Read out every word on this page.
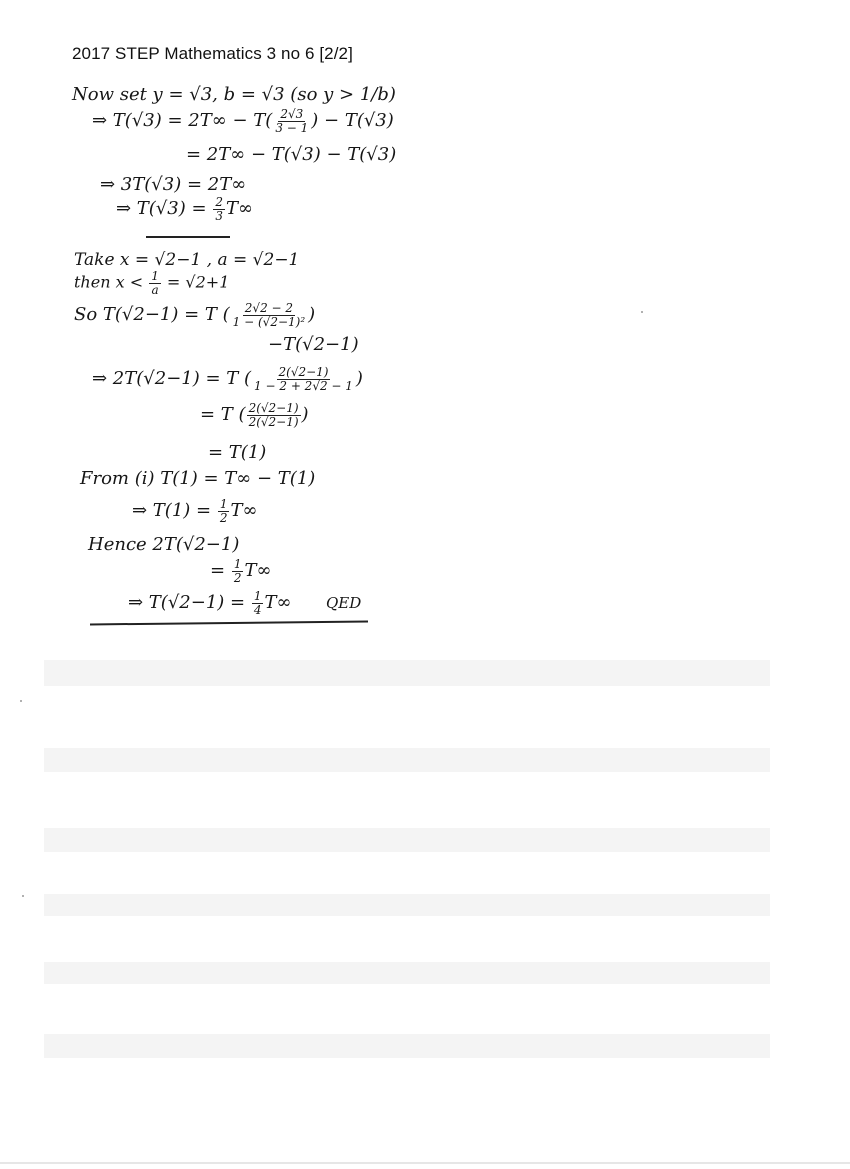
2017 STEP Mathematics 3 no 6 [2/2]
Now set y = √3, b = √3 (so y > 1/b)
⇒ $T(√3) = 2T\infty - T( \frac{2√3}{3 - 1}$ ) − T(√3)
= 2T∞ − T(√3) − T(√3)
⇒ 3T(√3) = 2T∞
⇒ $T(√3) = \frac{2}{3} T\infty$
Take x = √2−1 , a = √2−1
then $x < \frac{1}{a} = √2+1$
So T(√2−1) = T ( $\frac{2√2 - 2}{\text{1 − (√2−1)²}}$ )
−T(√2−1)
⇒ 2T(√2−1) = T ( $\frac{2(√2-1)}{1 - 2 + 2√2 - 1}$ )
= T ( $\frac{2(√2-1)}{2(√2-1)}$ )
= T(1)
From (i) T(1) = T∞ − T(1)
⇒ $T(1) = \frac{1}{2} T\infty$
Hence 2T(√2−1)
= $\frac{1}{2} T\infty$
⇒ $T(√2-1) = \frac{1}{4} T\infty$ QED
